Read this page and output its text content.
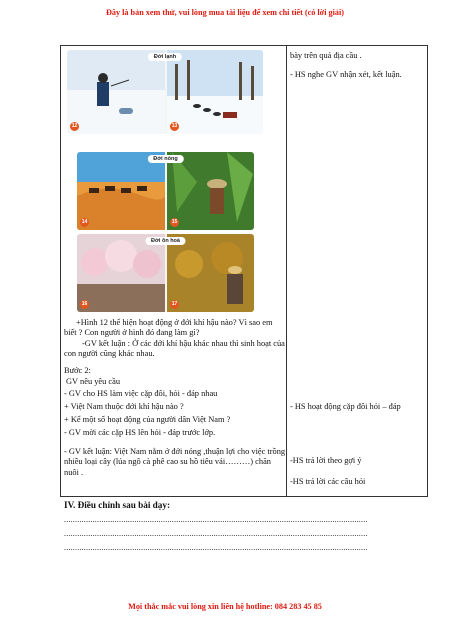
Đây là bản xem thử, vui lòng mua tài liệu để xem chi tiết (có lời giải)
Đới lạnh
12	13
Đới nóng
14	15
Đới ôn hoà
16	17
+Hình 12 thể hiện hoạt động ở đới khí hậu nào? Vì sao em biết ? Con người ở hình đó đang làm gì?
-GV kết luận : Ở các đới khí hậu khác nhau thì sinh hoạt của con người cũng khác nhau.
Bước 2:
GV nêu yêu cầu
- GV cho HS làm việc cặp đôi, hỏi - đáp nhau
+ Việt Nam thuộc đới khí hậu nào ?
+ Kể một số hoạt động của người dân Việt Nam ?
- GV mời các cặp HS lên hỏi - đáp trước lớp.
- GV kết luận: Việt Nam nằm ở đới nóng ,thuận lợi cho việc trồng nhiều loại cây (lúa ngô cà phê cao su hồ tiêu vải………) chăn nuôi .
bày trên quả địa cầu .
- HS nghe GV nhận xét, kết luận.
- HS hoạt động cặp đôi hỏi – đáp
-HS trả lời theo gợi ý
-HS trả lời các câu hỏi
IV. Điều chỉnh sau bài dạy:
..........................................................................................................................................
..........................................................................................................................................
..........................................................................................................................................
Mọi thắc mắc vui lòng xin liên hệ hotline: 084 283 45 85
